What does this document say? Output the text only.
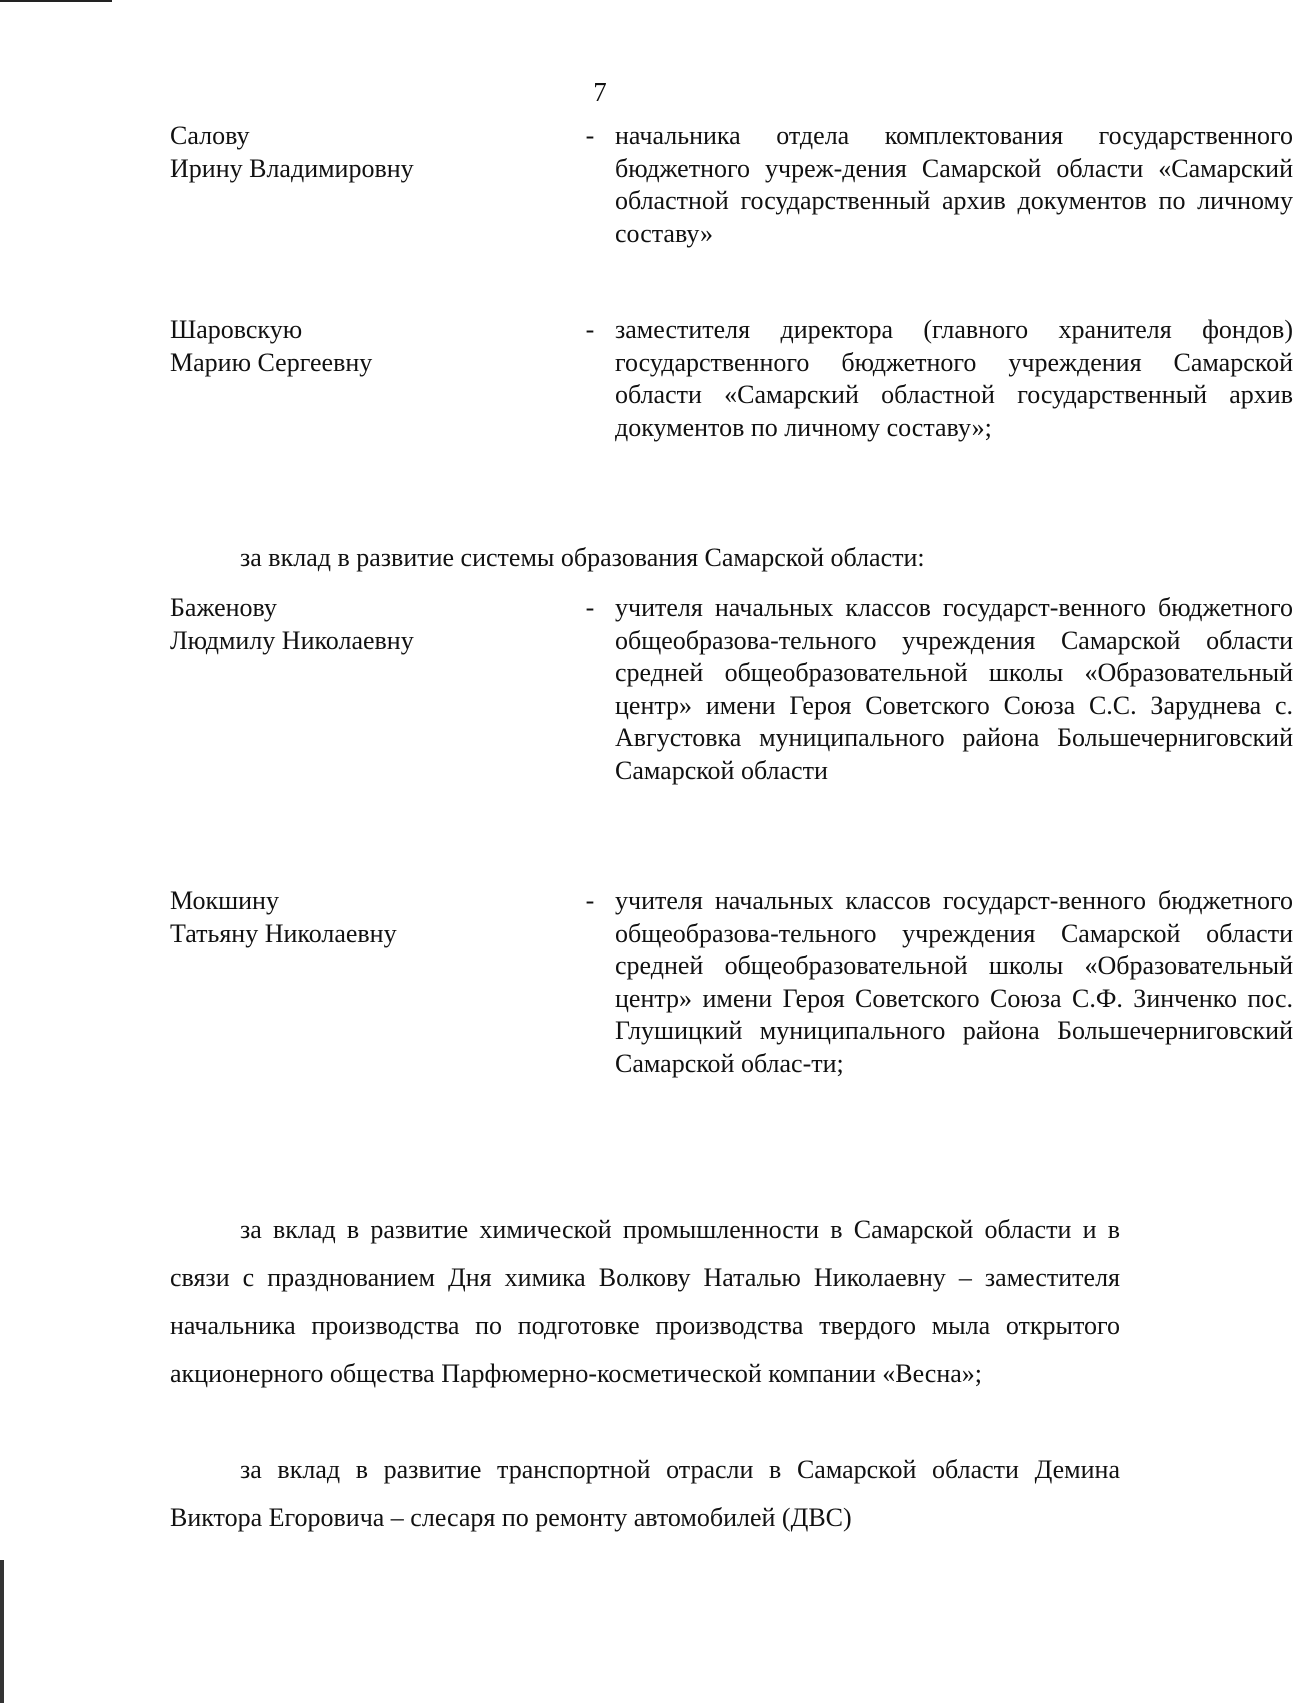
7
Салову
Ирину Владимировну
- начальника отдела комплектования государственного бюджетного учреж-дения Самарской области «Самарский областной государственный архив документов по личному составу»
Шаровскую
Марию Сергеевну
- заместителя директора (главного хранителя фондов) государственного бюджетного учреждения Самарской области «Самарский областной государственный архив документов по личному составу»;
за вклад в развитие системы образования Самарской области:
Баженову
Людмилу Николаевну
- учителя начальных классов государст-венного бюджетного общеобразова-тельного учреждения Самарской области средней общеобразовательной школы «Образовательный центр» имени Героя Советского Союза С.С. Заруднева с. Августовка муниципального района Большечерниговский Самарской области
Мокшину
Татьяну Николаевну
- учителя начальных классов государст-венного бюджетного общеобразова-тельного учреждения Самарской области средней общеобразовательной школы «Образовательный центр» имени Героя Советского Союза С.Ф. Зинченко пос. Глушицкий муниципального района Большечерниговский Самарской облас-ти;
за вклад в развитие химической промышленности в Самарской области и в связи с празднованием Дня химика Волкову Наталью Николаевну – заместителя начальника производства по подготовке производства твердого мыла открытого акционерного общества Парфюмерно-косметической компании «Весна»;
за вклад в развитие транспортной отрасли в Самарской области Демина Виктора Егоровича – слесаря по ремонту автомобилей (ДВС)
